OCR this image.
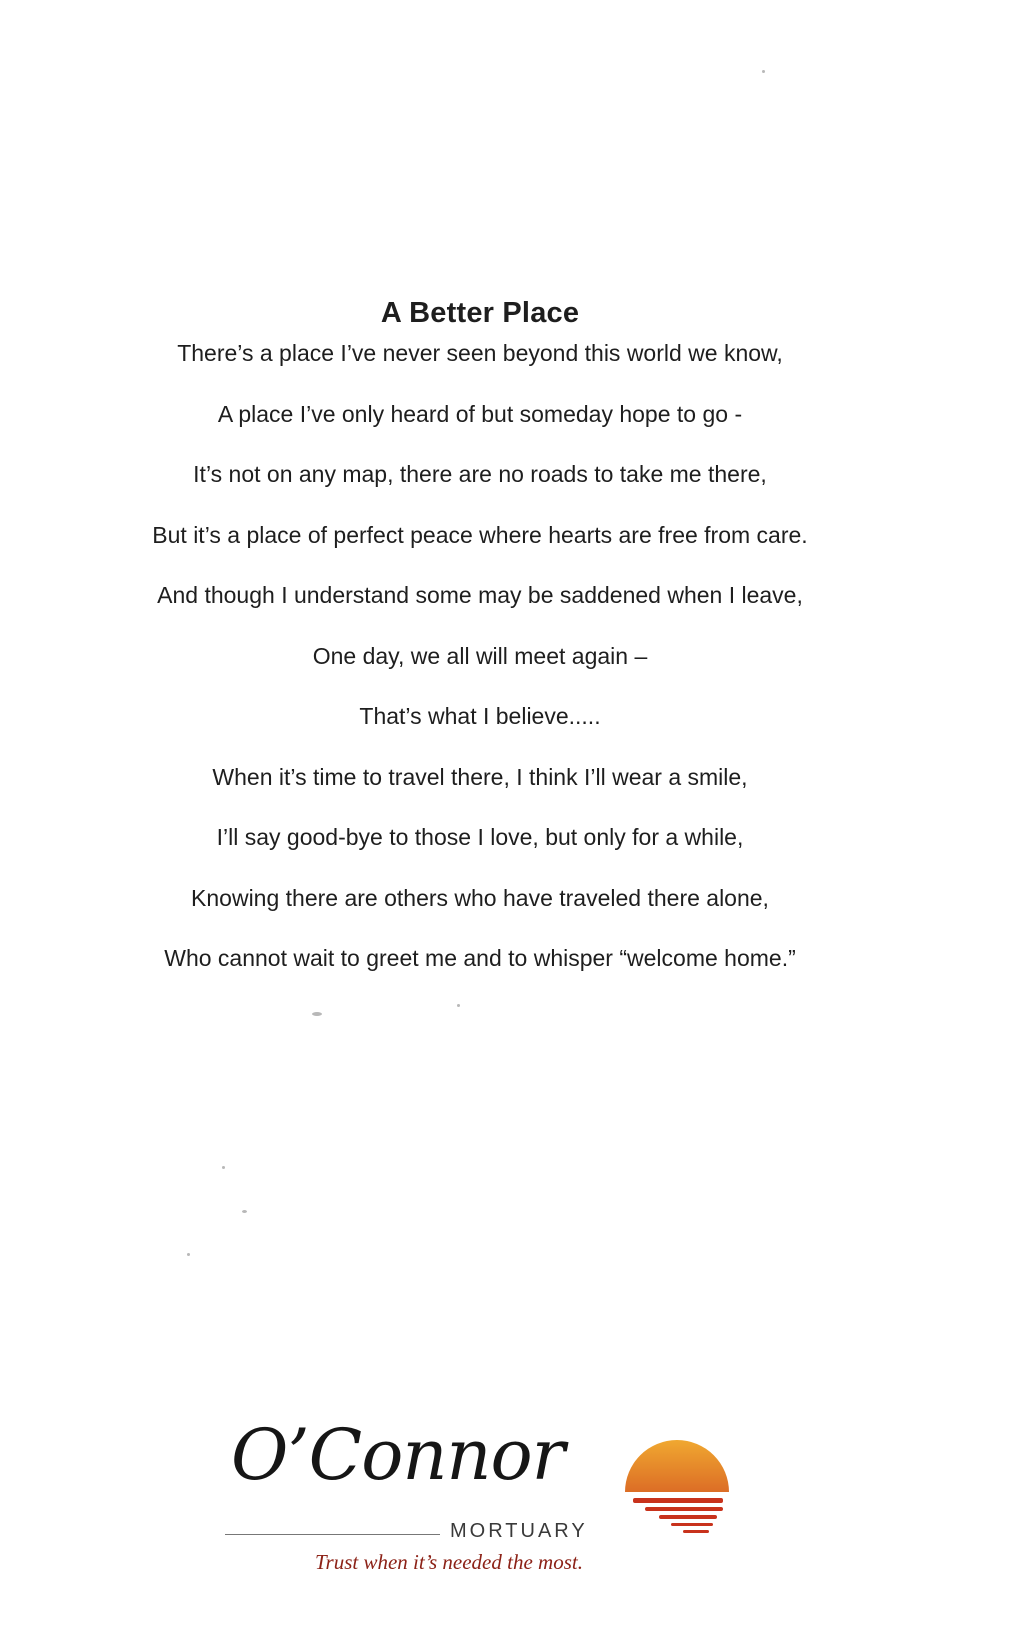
A Better Place
There’s a place I’ve never seen beyond this world we know,
A place I’ve only heard of but someday hope to go -
It’s not on any map, there are no roads to take me there,
But it’s a place of perfect peace where hearts are free from care.
And though I understand some may be saddened when I leave,
One day, we all will meet again –
That’s what I believe.....
When it’s time to travel there, I think I’ll wear a smile,
I’ll say good-bye to those I love, but only for a while,
Knowing there are others who have traveled there alone,
Who cannot wait to greet me and to whisper “welcome home.”
O’Connor
MORTUARY
Trust when it’s needed the most.
